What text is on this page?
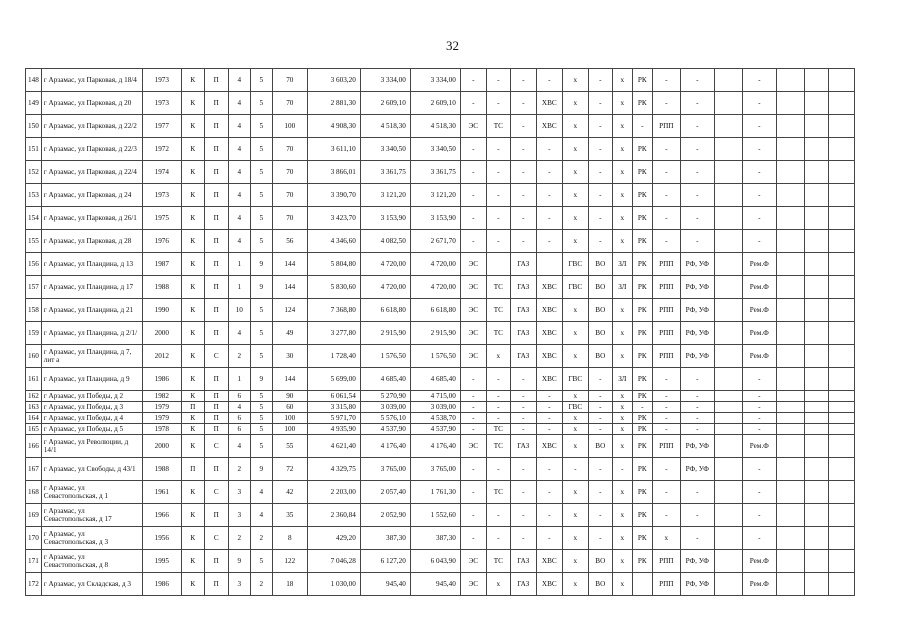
32
148	г Арзамас, ул Парковая, д 18/4	1973	К	П	4	5	70	3 603,20	3 334,00	3 334,00	-	-	-	-	х	-	х	РК	-	-		-			
149	г Арзамас, ул Парковая, д 20	1973	К	П	4	5	70	2 881,30	2 609,10	2 609,10	-	-	-	ХВС	х	-	х	РК	-	-		-			
150	г Арзамас, ул Парковая, д 22/2	1977	К	П	4	5	100	4 908,30	4 518,30	4 518,30	ЭС	ТС	-	ХВС	х	-	х	-	РПП	-		-			
151	г Арзамас, ул Парковая, д 22/3	1972	К	П	4	5	70	3 611,10	3 340,50	3 340,50	-	-	-	-	х	-	х	РК	-	-		-			
152	г Арзамас, ул Парковая, д 22/4	1974	К	П	4	5	70	3 866,01	3 361,75	3 361,75	-	-	-	-	х	-	х	РК	-	-		-			
153	г Арзамас, ул Парковая, д 24	1973	К	П	4	5	70	3 390,70	3 121,20	3 121,20	-	-	-	-	х	-	х	РК	-	-		-			
154	г Арзамас, ул Парковая, д 26/1	1975	К	П	4	5	70	3 423,70	3 153,90	3 153,90	-	-	-	-	х	-	х	РК	-	-		-			
155	г Арзамас, ул Парковая, д 28	1976	К	П	4	5	56	4 346,60	4 082,50	2 671,70	-	-	-	-	х	-	х	РК	-	-		-			
156	г Арзамас, ул Пландина, д 13	1987	К	П	1	9	144	5 804,80	4 720,00	4 720,00	ЭС		ГАЗ		ГВС	ВО	ЗЛ	РК	РПП	РФ, УФ		Рем.Ф			
157	г Арзамас, ул Пландина, д 17	1988	К	П	1	9	144	5 830,60	4 720,00	4 720,00	ЭС	ТС	ГАЗ	ХВС	ГВС	ВО	ЗЛ	РК	РПП	РФ, УФ		Рем.Ф			
158	г Арзамас, ул Пландина, д 21	1990	К	П	10	5	124	7 368,80	6 618,80	6 618,80	ЭС	ТС	ГАЗ	ХВС	х	ВО	х	РК	РПП	РФ, УФ		Рем.Ф			
159	г Арзамас, ул Пландина, д 2/1/	2000	К	П	4	5	49	3 277,80	2 915,90	2 915,90	ЭС	ТС	ГАЗ	ХВС	х	ВО	х	РК	РПП	РФ, УФ		Рем.Ф			
160	г Арзамас, ул Пландина, д 7, лит а	2012	К	С	2	5	30	1 728,40	1 576,50	1 576,50	ЭС	х	ГАЗ	ХВС	х	ВО	х	РК	РПП	РФ, УФ		Рем.Ф			
161	г Арзамас, ул Пландина, д 9	1986	К	П	1	9	144	5 699,00	4 685,40	4 685,40	-	-	-	ХВС	ГВС	-	ЗЛ	РК	-	-		-			
162	г Арзамас, ул Победы, д 2	1982	К	П	6	5	90	6 061,54	5 270,90	4 715,00	-	-	-	-	х	-	х	РК	-	-		-			
163	г Арзамас, ул Победы, д 3	1979	П	П	4	5	60	3 315,80	3 039,00	3 039,00	-	-	-	-	ГВС	-	х	-	-	-		-			
164	г Арзамас, ул Победы, д 4	1979	К	П	6	5	100	5 971,70	5 576,10	4 538,70	-	-	-	-	х	-	х	РК	-	-		-			
165	г Арзамас, ул Победы, д 5	1978	К	П	6	5	100	4 935,90	4 537,90	4 537,90	-	ТС	-	-	х	-	х	РК	-	-		-			
166	г Арзамас, ул Революции, д 14/1	2000	К	С	4	5	55	4 621,40	4 176,40	4 176,40	ЭС	ТС	ГАЗ	ХВС	х	ВО	х	РК	РПП	РФ, УФ		Рем.Ф			
167	г Арзамас, ул Свободы, д 43/1	1988	П	П	2	9	72	4 329,75	3 765,00	3 765,00	-	-	-	-	-	-	-	РК	-	РФ, УФ		-			
168	г Арзамас, ул Севастопольская, д 1	1961	К	С	3	4	42	2 203,00	2 057,40	1 761,30	-	ТС	-	-	х	-	х	РК	-	-		-			
169	г Арзамас, ул Севастопольская, д 17	1966	К	П	3	4	35	2 360,84	2 052,90	1 552,60	-	-	-	-	х	-	х	РК	-	-		-			
170	г Арзамас, ул Севастопольская, д 3	1956	К	С	2	2	8	429,20	387,30	387,30	-	-	-	-	х	-	х	РК	х	-		-			
171	г Арзамас, ул Севастопольская, д 8	1995	К	П	9	5	122	7 046,28	6 127,20	6 043,90	ЭС	ТС	ГАЗ	ХВС	х	ВО	х	РК	РПП	РФ, УФ		Рем.Ф			
172	г Арзамас, ул Складская, д 3	1986	К	П	3	2	18	1 030,00	945,40	945,40	ЭС	х	ГАЗ	ХВС	х	ВО	х		РПП	РФ, УФ		Рем.Ф			
